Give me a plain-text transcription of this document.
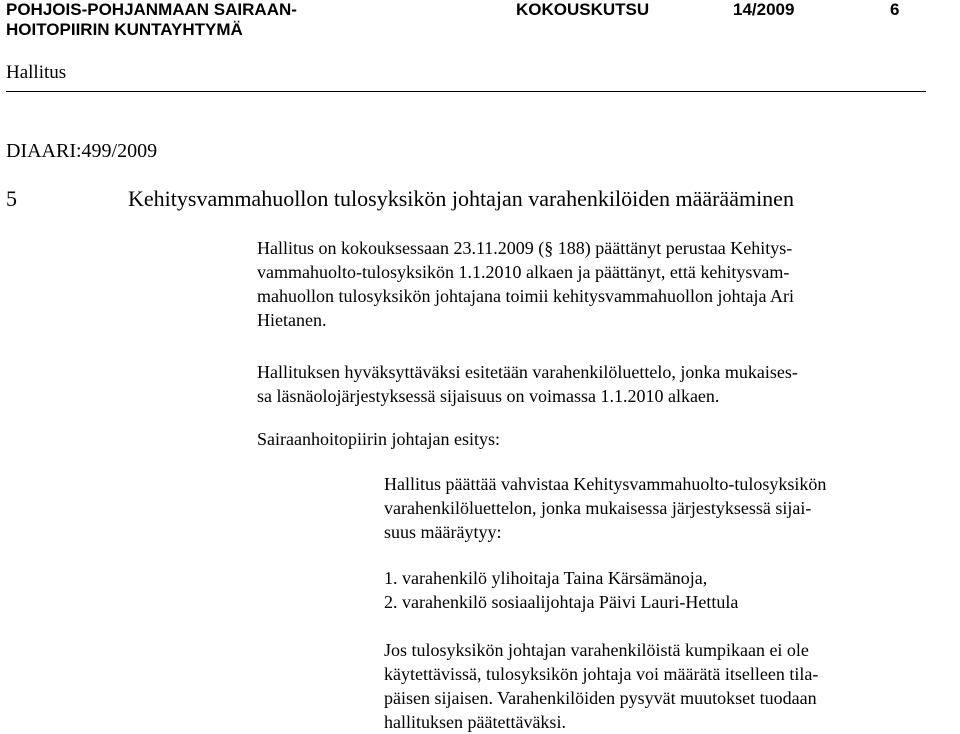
POHJOIS-POHJANMAAN SAIRAAN-
HOITOPIIRIN KUNTAYHTYMÄ
KOKOUSKUTSU	14/2009	6
Hallitus
DIAARI:499/2009
5	Kehitysvammahuollon tulosyksikön johtajan varahenkilöiden määrääminen
Hallitus on kokouksessaan 23.11.2009 (§ 188) päättänyt perustaa Kehitys-
vammahuolto-tulosyksikön 1.1.2010 alkaen ja päättänyt, että kehitysvam-
mahuollon tulosyksikön johtajana toimii kehitysvammahuollon johtaja Ari
Hietanen.
Hallituksen hyväksyttäväksi esitetään varahenkilöluettelo, jonka mukaises-
sa läsnäolojärjestyksessä sijaisuus on voimassa 1.1.2010 alkaen.
Sairaanhoitopiirin johtajan esitys:
Hallitus päättää vahvistaa Kehitysvammahuolto-tulosyksikön
varahenkilöluettelon, jonka mukaisessa järjestyksessä sijai-
suus määräytyy:
1. varahenkilö ylihoitaja Taina Kärsämänoja,
2. varahenkilö sosiaalijohtaja Päivi Lauri-Hettula
Jos tulosyksikön johtajan varahenkilöistä kumpikaan ei ole
käytettävissä, tulosyksikön johtaja voi määrätä itselleen tila-
päisen sijaisen. Varahenkilöiden pysyvät muutokset tuodaan
hallituksen päätettäväksi.
